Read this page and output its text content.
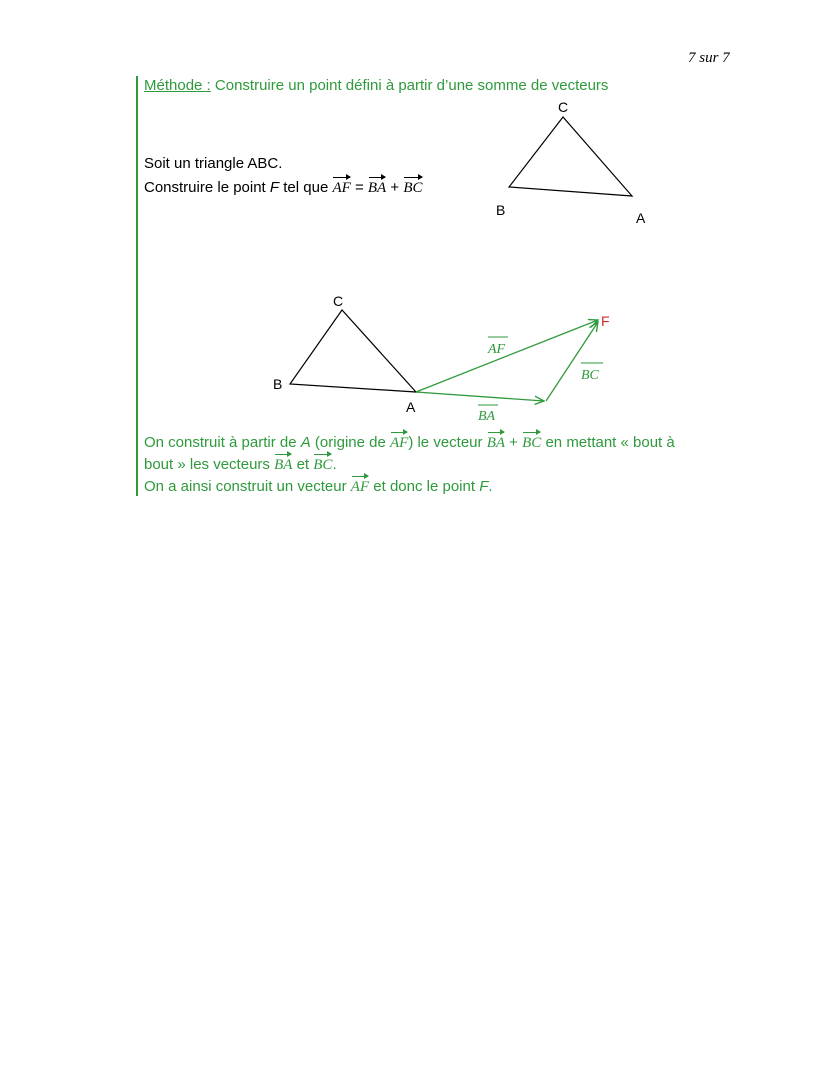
7 sur 7
Méthode : Construire un point défini à partir d’une somme de vecteurs
Soit un triangle ABC.
Construire le point F tel que AF = BA + BC
C
B	A
C
B
A
F
AF
BC
BA
On construit à partir de A (origine de AF) le vecteur BA + BC en mettant « bout à
bout » les vecteurs BA et BC.
On a ainsi construit un vecteur AF et donc le point F.
